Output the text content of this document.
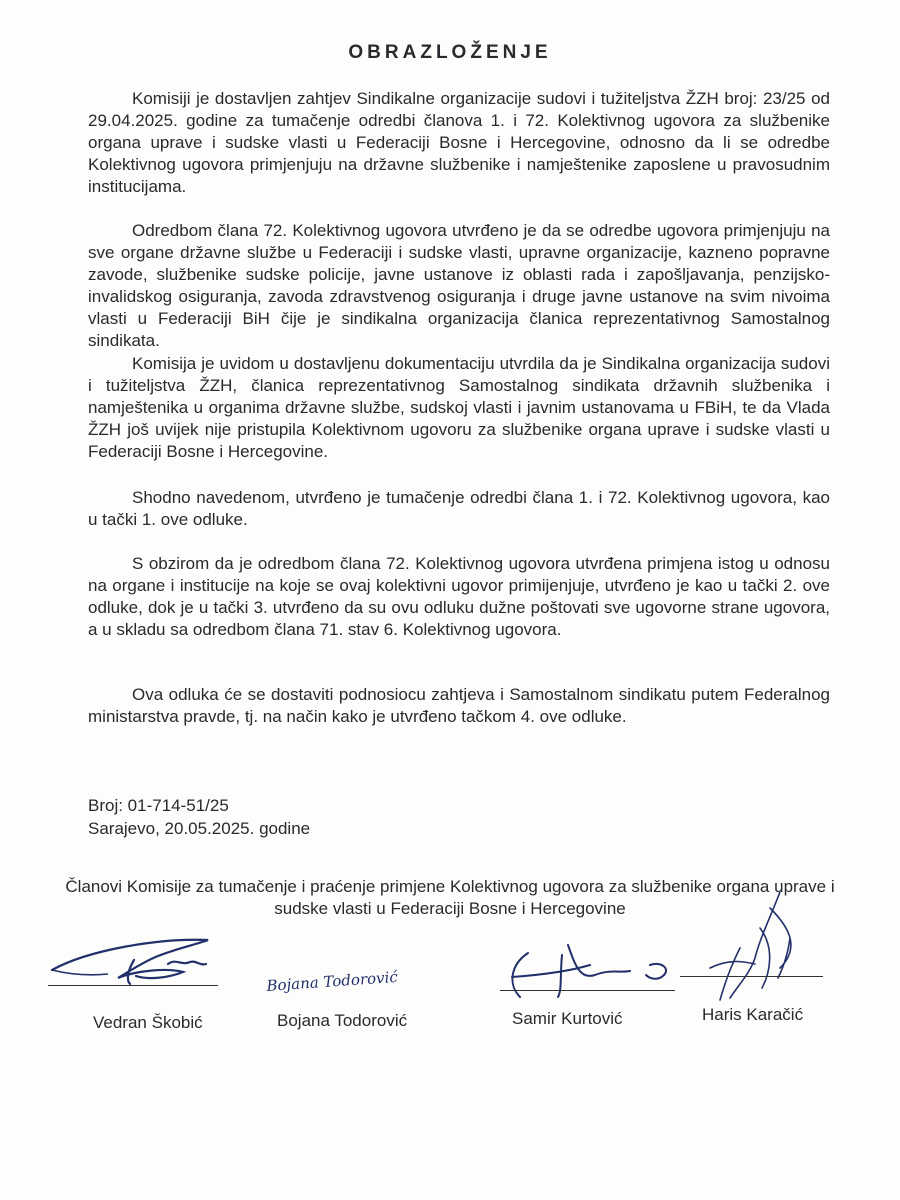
OBRAZLOŽENJE

Komisiji je dostavljen zahtjev Sindikalne organizacije sudovi i tužiteljstva ŽZH broj: 23/25 od 29.04.2025. godine za tumačenje odredbi članova 1. i 72. Kolektivnog ugovora za službenike organa uprave i sudske vlasti u Federaciji Bosne i Hercegovine, odnosno da li se odredbe Kolektivnog ugovora primjenjuju na državne službenike i namještenike zaposlene u pravosudnim institucijama.

Odredbom člana 72. Kolektivnog ugovora utvrđeno je da se odredbe ugovora primjenjuju na sve organe državne službe u Federaciji i sudske vlasti, upravne organizacije, kazneno popravne zavode, službenike sudske policije, javne ustanove iz oblasti rada i zapošljavanja, penzijsko-invalidskog osiguranja, zavoda zdravstvenog osiguranja i druge javne ustanove na svim nivoima vlasti u Federaciji BiH čije je sindikalna organizacija članica reprezentativnog Samostalnog sindikata.

Komisija je uvidom u dostavljenu dokumentaciju utvrdila da je Sindikalna organizacija sudovi i tužiteljstva ŽZH, članica reprezentativnog Samostalnog sindikata državnih službenika i namještenika u organima državne službe, sudskoj vlasti i javnim ustanovama u FBiH, te da Vlada ŽZH još uvijek nije pristupila Kolektivnom ugovoru za službenike organa uprave i sudske vlasti u Federaciji Bosne i Hercegovine.

Shodno navedenom, utvrđeno je tumačenje odredbi člana 1. i 72. Kolektivnog ugovora, kao u tački 1. ove odluke.

S obzirom da je odredbom člana 72. Kolektivnog ugovora utvrđena primjena istog u odnosu na organe i institucije na koje se ovaj kolektivni ugovor primijenjuje, utvrđeno je kao u tački 2. ove odluke, dok je u tački 3. utvrđeno da su ovu odluku dužne poštovati sve ugovorne strane ugovora, a u skladu sa odredbom člana 71. stav 6. Kolektivnog ugovora.

Ova odluka će se dostaviti podnosiocu zahtjeva i Samostalnom sindikatu putem Federalnog ministarstva pravde, tj. na način kako je utvrđeno tačkom 4. ove odluke.

Broj: 01-714-51/25

Sarajevo, 20.05.2025. godine

Članovi Komisije za tumačenje i praćenje primjene Kolektivnog ugovora za službenike organa uprave i sudske vlasti u Federaciji Bosne i Hercegovine

Vedran Škobić
Bojana Todorović
Bojana Todorović	Samir Kurtović	Haris Karačić
